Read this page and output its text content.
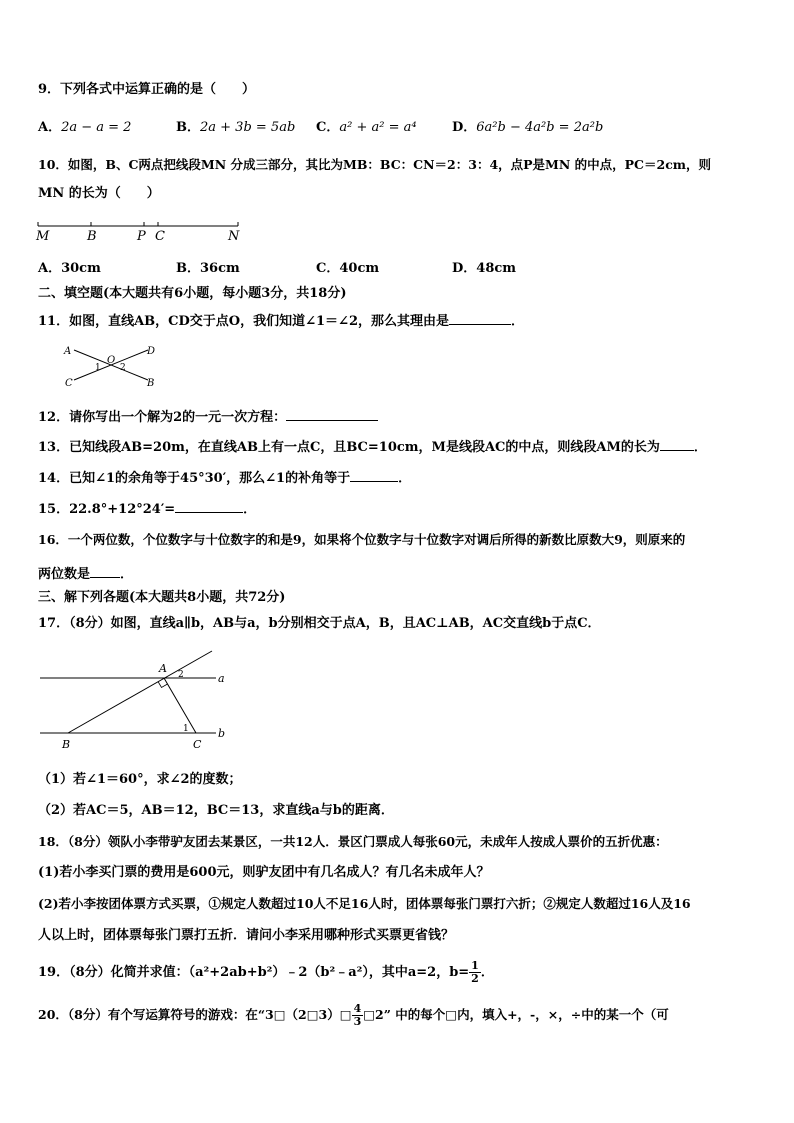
9．下列各式中运算正确的是（　　）
A．2a − a = 2	B．2a + 3b = 5ab C．a² + a² = a⁴	D．6a²b − 4a²b = 2a²b
10．如图，B、C两点把线段MN 分成三部分，其比为MB：BC：CN＝2：3：4，点P是MN 的中点，PC＝2cm，则
MN 的长为（　　）
M	B	P C	N
A．30cm	B．36cm	C．40cm	D．48cm
二、填空题(本大题共有6小题，每小题3分，共18分)
11．如图，直线AB，CD交于点O，我们知道∠1＝∠2，那么其理由是	．
A	D
C	B
O
1 2
12．请你写出一个解为2的一元一次方程：
13．已知线段AB=20m，在直线AB上有一点C，且BC=10cm，M是线段AC的中点，则线段AM的长为	．
14．已知∠1的余角等于45°30′，那么∠1的补角等于	．
15．22.8°+12°24′=	．
16．一个两位数，个位数字与十位数字的和是9，如果将个位数字与十位数字对调后所得的新数比原数大9，则原来的
两位数是 ．
三、解下列各题(本大题共8小题，共72分)
17．（8分）如图，直线a∥b，AB与a，b分别相交于点A，B，且AC⊥AB，AC交直线b于点C．
A 2	a
1	b
B	C
（1）若∠1＝60°，求∠2的度数；
（2）若AC＝5，AB＝12，BC＝13，求直线a与b的距离．
18．（8分）领队小李带驴友团去某景区，一共12人．景区门票成人每张60元，未成年人按成人票价的五折优惠：
(1)若小李买门票的费用是600元，则驴友团中有几名成人？有几名未成年人？
(2)若小李按团体票方式买票，①规定人数超过10人不足16人时，团体票每张门票打六折；②规定人数超过16人及16
人以上时，团体票每张门票打五折．请问小李采用哪种形式买票更省钱？
19．（8分）化简并求值：（a²+2ab+b²）﹣2（b²﹣a²），其中a=2，$b= \frac{1}{2}$ ．
20．（8分）有个写运算符号的游戏：在“3□（2□3）□ $\frac{4}{3}$ □2” 中的每个□内，填入+，-，×，÷中的某一个（可
